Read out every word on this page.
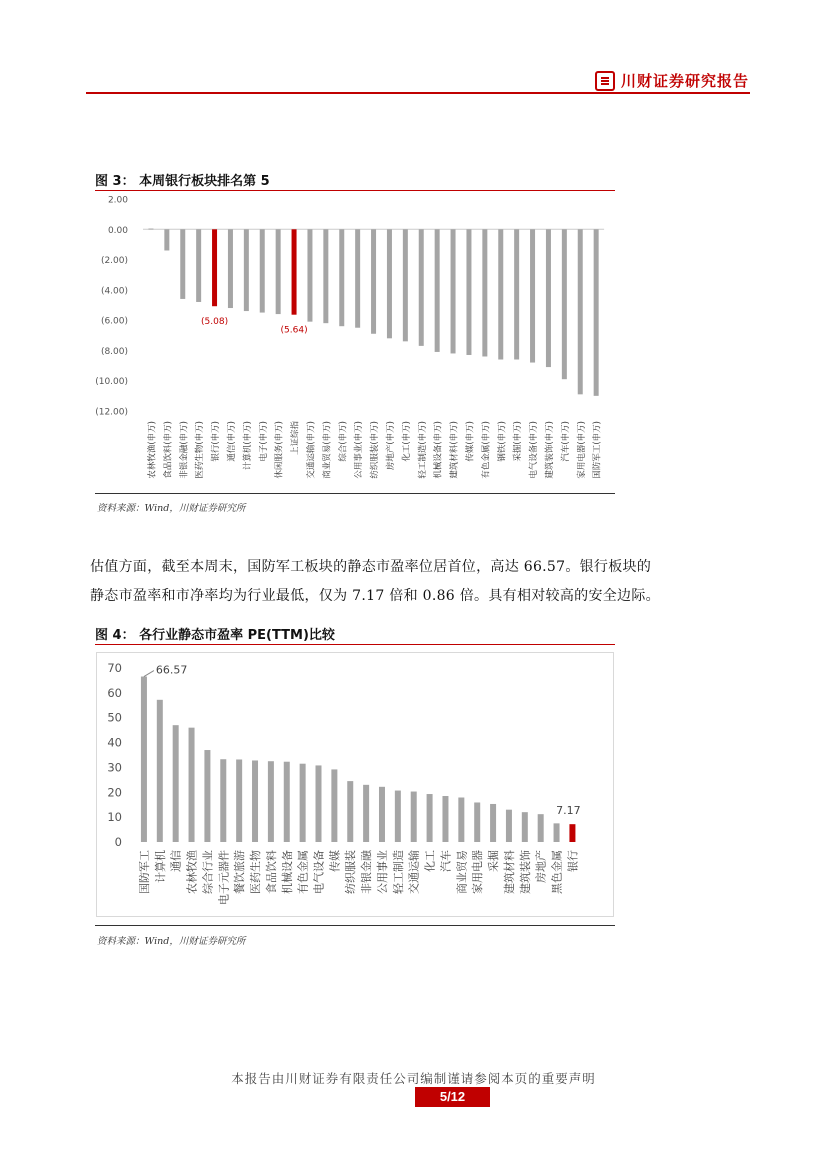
川财证券研究报告
图 3： 本周银行板块排名第 5
2.00
0.00
(2.00)
(4.00)
(6.00)
(8.00)
(10.00)
(12.00)
农林牧渔(申万) 食品饮料(申万) 非银金融(申万) 医药生物(申万) 银行(申万) 通信(申万) 计算机(申万) 电子(申万) 休闲服务(申万) 上证综指 交通运输(申万) 商业贸易(申万) 综合(申万) 公用事业(申万) 纺织服装(申万) 房地产(申万) 化工(申万) 轻工制造(申万) 机械设备(申万) 建筑材料(申万) 传媒(申万) 有色金属(申万) 钢铁(申万) 采掘(申万) 电气设备(申万) 建筑装饰(申万) 汽车(申万) 家用电器(申万) 国防军工(申万)
(5.08)
(5.64)
资料来源：Wind，川财证券研究所
估值方面，截至本周末，国防军工板块的静态市盈率位居首位，高达 66.57。银行板块的
静态市盈率和市净率均为行业最低，仅为 7.17 倍和 0.86 倍。具有相对较高的安全边际。
图 4： 各行业静态市盈率 PE(TTM)比较
70
60
50
40
30
20
10
0
国防军工 计算机 通信 农林牧渔 综合行业 电子元器件 餐饮旅游 医药生物 食品饮料 机械设备 有色金属 电气设备 传媒 纺织服装 非银金融 公用事业 轻工制造 交通运输 化工 汽车 商业贸易 家用电器 采掘 建筑材料 建筑装饰 房地产 黑色金属 银行
66.57
7.17
资料来源：Wind，川财证券研究所
本报告由川财证券有限责任公司编制谨请参阅本页的重要声明
5/12
